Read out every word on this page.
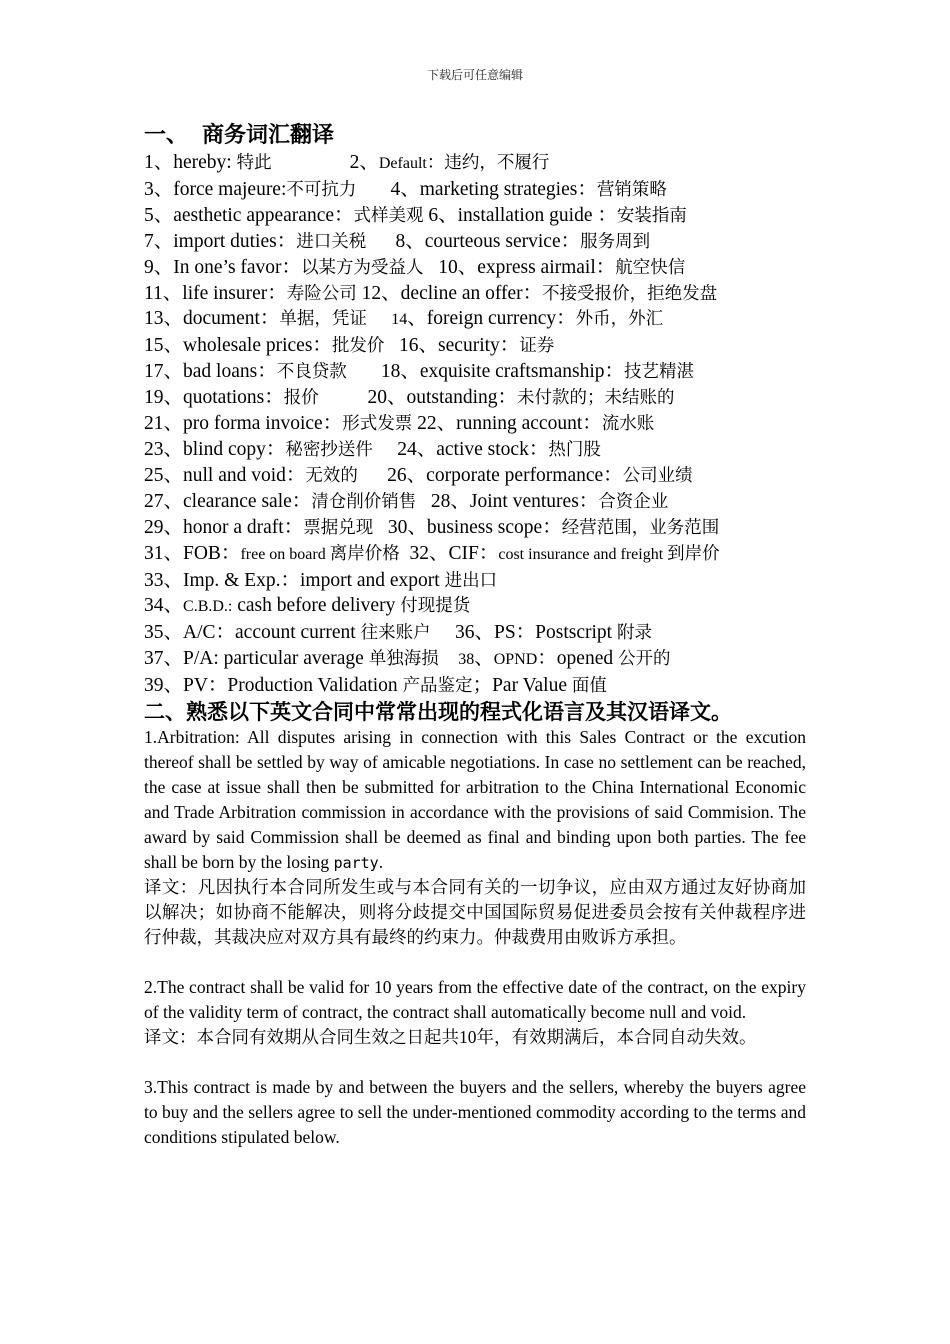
下载后可任意编辑
一、 商务词汇翻译
1、hereby: 特此                2、Default：违约，不履行
3、force majeure:不可抗力       4、marketing strategies：营销策略
5、aesthetic appearance：式样美观 6、installation guide ：安装指南
7、import duties：进口关税      8、courteous service：服务周到
9、In one’s favor：以某方为受益人   10、express airmail：航空快信
11、life insurer：寿险公司 12、decline an offer：不接受报价，拒绝发盘
13、document：单据，凭证 14、foreign currency：外币，外汇
15、wholesale prices：批发价   16、security：证券
17、bad loans：不良贷款       18、exquisite craftsmanship：技艺精湛
19、quotations：报价          20、outstanding：未付款的；未结账的
21、pro forma invoice：形式发票 22、running account：流水账
23、blind copy：秘密抄送件     24、active stock：热门股
25、null and void：无效的      26、corporate performance：公司业绩
27、clearance sale：清仓削价销售   28、Joint ventures：合资企业
29、honor a draft：票据兑现   30、business scope：经营范围，业务范围
31、FOB：free on board 离岸价格  32、CIF：cost insurance and freight 到岸价
33、Imp. & Exp.：import and export 进出口
34、C.B.D.: cash before delivery 付现提货
35、A/C：account current 往来账户     36、PS：Postscript 附录
37、P/A: particular average 单独海损 38、OPND：opened 公开的
39、PV：Production Validation 产品鉴定；Par Value 面值
二、熟悉以下英文合同中常常出现的程式化语言及其汉语译文。

1.Arbitration: All disputes arising in connection with this Sales Contract or the excution thereof shall be settled by way of amicable negotiations. In case no settlement can be reached, the case at issue shall then be submitted for arbitration to the China International Economic and Trade Arbitration commission in accordance with the provisions of said Commision. The award by said Commission shall be deemed as final and binding upon both parties. The fee shall be born by the losing party.

译文：凡因执行本合同所发生或与本合同有关的一切争议，应由双方通过友好协商加以解决；如协商不能解决，则将分歧提交中国国际贸易促进委员会按有关仲裁程序进行仲裁，其裁决应对双方具有最终的约束力。仲裁费用由败诉方承担。

2.The contract shall be valid for 10 years from the effective date of the contract, on the expiry of the validity term of contract, the contract shall automatically become null and void.

译文：本合同有效期从合同生效之日起共10年，有效期满后，本合同自动失效。

3.This contract is made by and between the buyers and the sellers, whereby the buyers agree to buy and the sellers agree to sell the under-mentioned commodity according to the terms and conditions stipulated below.
